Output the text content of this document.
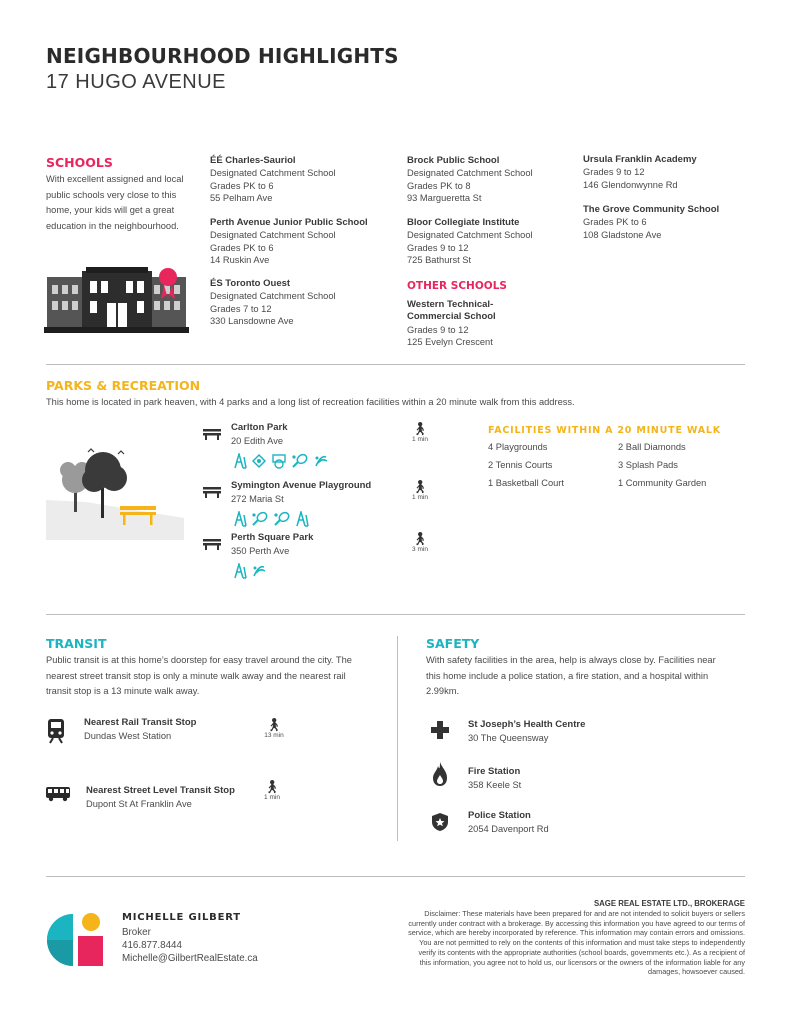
NEIGHBOURHOOD HIGHLIGHTS
17 HUGO AVENUE
SCHOOLS
With excellent assigned and local public schools very close to this home, your kids will get a great education in the neighbourhood.
ÉÉ Charles-Sauriol
Designated Catchment School
Grades PK to 6
55 Pelham Ave
Perth Avenue Junior Public School
Designated Catchment School
Grades PK to 6
14 Ruskin Ave
ÉS Toronto Ouest
Designated Catchment School
Grades 7 to 12
330 Lansdowne Ave
Brock Public School
Designated Catchment School
Grades PK to 8
93 Margueretta St
Bloor Collegiate Institute
Designated Catchment School
Grades 9 to 12
725 Bathurst St
OTHER SCHOOLS
Western Technical-
Commercial School
Grades 9 to 12
125 Evelyn Crescent
Ursula Franklin Academy
Grades 9 to 12
146 Glendonwynne Rd
The Grove Community School
Grades PK to 6
108 Gladstone Ave
PARKS & RECREATION
This home is located in park heaven, with 4 parks and a long list of recreation facilities within a 20 minute walk from this address.
Carlton Park
20 Edith Ave
Symington Avenue Playground
272 Maria St
Perth Square Park
350 Perth Ave
🚶︎
1 min
🚶︎
1 min
🚶︎
3 min
FACILITIES WITHIN A 20 MINUTE WALK
4 Playgrounds	2 Ball Diamonds
2 Tennis Courts	3 Splash Pads
1 Basketball Court	1 Community Garden
TRANSIT
Public transit is at this home’s doorstep for easy travel around the city. The nearest street transit stop is only a minute walk away and the nearest rail transit stop is a 13 minute walk away.
Nearest Rail Transit Stop
Dundas West Station
🚶︎
13 min
Nearest Street Level Transit Stop
Dupont St At Franklin Ave
🚶︎
1 min
SAFETY
With safety facilities in the area, help is always close by. Facilities near this home include a police station, a fire station, and a hospital within 2.99km.
St Joseph’s Health Centre
30 The Queensway
Fire Station
358 Keele St
Police Station
2054 Davenport Rd
MICHELLE GILBERT
Broker
416.877.8444
Michelle@GilbertRealEstate.ca
SAGE REAL ESTATE LTD., BROKERAGE
Disclaimer: These materials have been prepared for and are not intended to solicit buyers or sellers
currently under contract with a brokerage. By accessing this information you have agreed to our terms of
service, which are hereby incorporated by reference. This information may contain errors and omissions.
You are not permitted to rely on the contents of this information and must take steps to independently
verify its contents with the appropriate authorities (school boards, governments etc.). As a recipient of
this information, you agree not to hold us, our licensors or the owners of the information liable for any
damages, howsoever caused.
